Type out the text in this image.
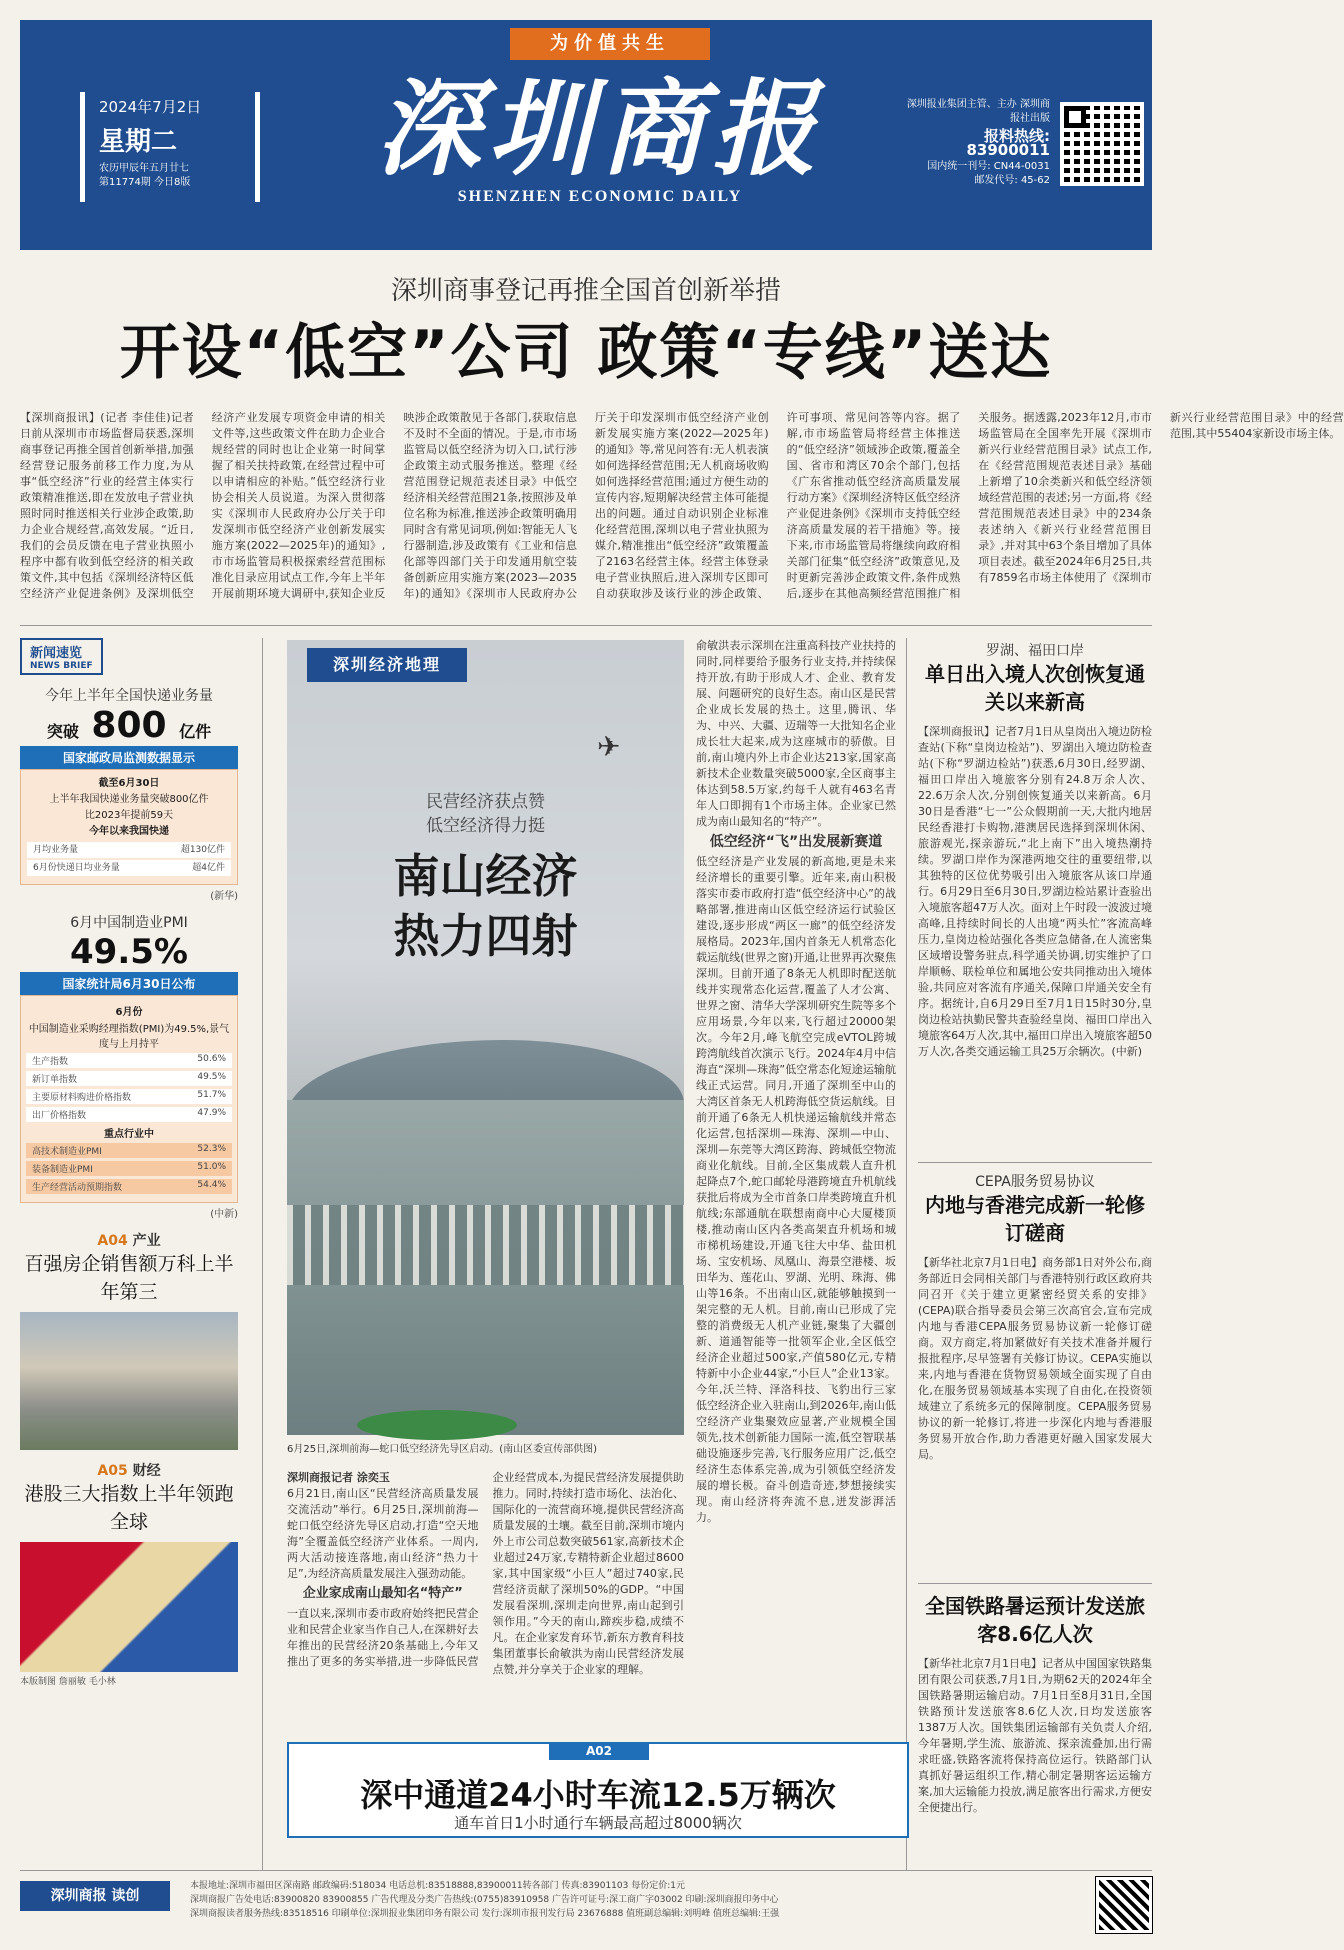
为价值共生
2024年7月2日
星期二
农历甲辰年五月廿七
第11774期 今日8版	深圳商报
SHENZHEN ECONOMIC DAILY
深圳报业集团主管、主办 深圳商报社出版
报料热线: 83900011
国内统一刊号: CN44-0031
邮发代号: 45-62
深圳商事登记再推全国首创新举措
开设“低空”公司 政策“专线”送达
【深圳商报讯】(记者 李佳佳)记者日前从深圳市市场监督局获悉,深圳商事登记再推全国首创新举措,加强经营登记服务前移工作力度,为从事“低空经济”行业的经营主体实行政策精准推送,即在发放电子营业执照时同时推送相关行业涉企政策,助力企业合规经营,高效发展。“近日,我们的会员反馈在电子营业执照小程序中都有收到低空经济的相关政策文件,其中包括《深圳经济特区低空经济产业促进条例》及深圳低空经济产业发展专项资金申请的相关文件等,这些政策文件在助力企业合规经营的同时也让企业第一时间掌握了相关扶持政策,在经营过程中可以申请相应的补贴。”低空经济行业协会相关人员说道。为深入贯彻落实《深圳市人民政府办公厅关于印发深圳市低空经济产业创新发展实施方案(2022—2025年)的通知》,市市场监管局积极探索经营范围标准化目录应用试点工作,今年上半年开展前期环境大调研中,获知企业反映涉企政策散见于各部门,获取信息不及时不全面的情况。于是,市市场监管局以低空经济为切入口,试行涉企政策主动式服务推送。整理《经营范围登记规范表述目录》中低空经济相关经营范围21条,按照涉及单位名称为标准,推送涉企政策明确用同时含有常见词项,例如:智能无人飞行器制造,涉及政策有《工业和信息化部等四部门关于印发通用航空装备创新应用实施方案(2023—2035年)的通知》《深圳市人民政府办公厅关于印发深圳市低空经济产业创新发展实施方案(2022—2025年)的通知》等,常见问答有:无人机表演如何选择经营范围;无人机商场收购如何选择经营范围;通过方便生动的宣传内容,短期解决经营主体可能提出的问题。通过自动识别企业标准化经营范围,深圳以电子营业执照为媒介,精准推出“低空经济”政策覆盖了2163名经营主体。经营主体登录电子营业执照后,进入深圳专区即可自动获取涉及该行业的涉企政策、许可事项、常见问答等内容。据了解,市市场监管局将经营主体推送的“低空经济”领域涉企政策,覆盖全国、省市和湾区70余个部门,包括《广东省推动低空经济高质量发展行动方案》《深圳经济特区低空经济产业促进条例》《深圳市支持低空经济高质量发展的若干措施》等。接下来,市市场监管局将继续向政府相关部门征集“低空经济”政策意见,及时更新完善涉企政策文件,条件成熟后,逐步在其他高频经营范围推广相关服务。据透露,2023年12月,市市场监管局在全国率先开展《深圳市新兴行业经营范围目录》试点工作,在《经营范围规范表述目录》基础上新增了10余类新兴和低空经济领域经营范围的表述;另一方面,将《经营范围规范表述目录》中的234条表述纳入《新兴行业经营范围目录》,并对其中63个条目增加了具体项目表述。截至2024年6月25日,共有7859名市场主体使用了《深圳市新兴行业经营范围目录》中的经营范围,其中55404家新设市场主体。
新闻速览
NEWS BRIEF
今年上半年全国快递业务量
突破 800 亿件
国家邮政局监测数据显示
截至6月30日
上半年我国快递业务量突破800亿件
比2023年提前59天
今年以来我国快递
月均业务量	超130亿件
6月份快递日均业务量	超4亿件
(新华)
6月中国制造业PMI
49.5%
国家统计局6月30日公布
6月份
中国制造业采购经理指数(PMI)为49.5%,景气度与上月持平
生产指数	50.6%
新订单指数	49.5%
主要原材料购进价格指数	51.7%
出厂价格指数	47.9%
重点行业中
高技术制造业PMI	52.3%
装备制造业PMI	51.0%
生产经营活动预期指数	54.4%
(中新)
A04 产业
百强房企销售额万科上半年第三
A05 财经
港股三大指数上半年领跑全球
本版制图 詹丽敏 毛小林
✈
深圳经济地理
民营经济获点赞
低空经济得力挺
南山经济
热力四射
6月25日,深圳前海—蛇口低空经济先导区启动。(南山区委宣传部供图)
深圳商报记者 涂奕玉
6月21日,南山区“民营经济高质量发展交流活动”举行。6月25日,深圳前海—蛇口低空经济先导区启动,打造“空天地海”全覆盖低空经济产业体系。一周内,两大活动接连落地,南山经济“热力十足”,为经济高质量发展注入强劲动能。
企业家成南山最知名“特产”
一直以来,深圳市委市政府始终把民营企业和民营企业家当作自己人,在深耕好去年推出的民营经济20条基础上,今年又推出了更多的务实举措,进一步降低民营企业经营成本,为提民营经济发展提供助推力。同时,持续打造市场化、法治化、国际化的一流营商环境,提供民营经济高质量发展的土壤。截至目前,深圳市境内外上市公司总数突破561家,高新技术企业超过24万家,专精特新企业超过8600家,其中国家级“小巨人”超过740家,民营经济贡献了深圳50%的GDP。“中国发展看深圳,深圳走向世界,南山起到引领作用。”今天的南山,蹄疾步稳,成绩不凡。在企业家发育环节,新东方教育科技集团董事长俞敏洪为南山民营经济发展点赞,并分享关于企业家的理解。
俞敏洪表示深圳在注重高科技产业扶持的同时,同样要给予服务行业支持,并持续保持开放,有助于形成人才、企业、教育发展、问题研究的良好生态。南山区是民营企业成长发展的热土。这里,腾讯、华为、中兴、大疆、迈瑞等一大批知名企业成长壮大起来,成为这座城市的骄傲。目前,南山境内外上市企业达213家,国家高新技术企业数量突破5000家,全区商事主体达到58.5万家,约每千人就有463名青年人口即拥有1个市场主体。企业家已然成为南山最知名的“特产”。
低空经济“飞”出发展新赛道
低空经济是产业发展的新高地,更是未来经济增长的重要引擎。近年来,南山积极落实市委市政府打造“低空经济中心”的战略部署,推进南山区低空经济运行试验区建设,逐步形成“两区一廊”的低空经济发展格局。2023年,国内首条无人机常态化载运航线(世界之窗)开通,让世界再次聚焦深圳。目前开通了8条无人机即时配送航线并实现常态化运营,覆盖了人才公寓、世界之窗、清华大学深圳研究生院等多个应用场景,今年以来,飞行超过20000架次。今年2月,峰飞航空完成eVTOL跨城跨湾航线首次演示飞行。2024年4月中信海直“深圳—珠海”低空常态化短途运输航线正式运营。同月,开通了深圳至中山的大湾区首条无人机跨海低空货运航线。目前开通了6条无人机快递运输航线并常态化运营,包括深圳—珠海、深圳—中山、深圳—东莞等大湾区跨海、跨城低空物流商业化航线。目前,全区集成载人直升机起降点7个,蛇口邮轮母港跨境直升机航线获批后将成为全市首条口岸类跨境直升机航线;东部通航在联想南商中心大厦楼顶楼,推动南山区内各类高架直升机场和城市梯机场建设,开通飞往大中华、盐田机场、宝安机场、凤凰山、海景空港楼、坂田华为、莲花山、罗湖、光明、珠海、佛山等16条。不出南山区,就能够触摸到一架完整的无人机。目前,南山已形成了完整的消费级无人机产业链,聚集了大疆创新、道通智能等一批领军企业,全区低空经济企业超过500家,产值580亿元,专精特新中小企业44家,“小巨人”企业13家。今年,沃兰特、泽洛科技、飞豹出行三家低空经济企业入驻南山,到2026年,南山低空经济产业集聚效应显著,产业规模全国领先,技术创新能力国际一流,低空智联基础设施逐步完善,飞行服务应用广泛,低空经济生态体系完善,成为引领低空经济发展的增长极。奋斗创造奇迹,梦想接续实现。南山经济将奔流不息,迸发澎湃活力。
罗湖、福田口岸
单日出入境人次创恢复通关以来新高
【深圳商报讯】记者7月1日从皇岗出入境边防检查站(下称“皇岗边检站”)、罗湖出入境边防检查站(下称“罗湖边检站”)获悉,6月30日,经罗湖、福田口岸出入境旅客分别有24.8万余人次、22.6万余人次,分别创恢复通关以来新高。6月30日是香港“七一”公众假期前一天,大批内地居民经香港打卡购物,港澳居民选择到深圳休闲、旅游观光,探亲游玩,“北上南下”出入境热潮持续。罗湖口岸作为深港两地交往的重要纽带,以其独特的区位优势吸引出入境旅客从该口岸通行。6月29日至6月30日,罗湖边检站累计查验出入境旅客超47万人次。面对上午时段一波波过境高峰,且持续时间长的人出境“两头忙”客流高峰压力,皇岗边检站强化各类应急储备,在人流密集区域增设警务驻点,科学通关协调,切实维护了口岸顺畅、联检单位和属地公安共同推动出入境体验,共同应对客流有序通关,保障口岸通关安全有序。据统计,自6月29日至7月1日15时30分,皇岗边检站执勤民警共查验经皇岗、福田口岸出入境旅客64万人次,其中,福田口岸出入境旅客超50万人次,各类交通运输工具25万余辆次。(中新)
CEPA服务贸易协议
内地与香港完成新一轮修订磋商
【新华社北京7月1日电】商务部1日对外公布,商务部近日会同相关部门与香港特别行政区政府共同召开《关于建立更紧密经贸关系的安排》(CEPA)联合指导委员会第三次高官会,宣布完成内地与香港CEPA服务贸易协议新一轮修订磋商。双方商定,将加紧做好有关技术准备并履行报批程序,尽早签署有关修订协议。CEPA实施以来,内地与香港在货物贸易领域全面实现了自由化,在服务贸易领域基本实现了自由化,在投资领域建立了系统多元的保障制度。CEPA服务贸易协议的新一轮修订,将进一步深化内地与香港服务贸易开放合作,助力香港更好融入国家发展大局。
全国铁路暑运预计发送旅客8.6亿人次
【新华社北京7月1日电】记者从中国国家铁路集团有限公司获悉,7月1日,为期62天的2024年全国铁路暑期运输启动。7月1日至8月31日,全国铁路预计发送旅客8.6亿人次,日均发送旅客1387万人次。国铁集团运输部有关负责人介绍,今年暑期,学生流、旅游流、探亲流叠加,出行需求旺盛,铁路客流将保持高位运行。铁路部门认真抓好暑运组织工作,精心制定暑期客运运输方案,加大运输能力投放,满足旅客出行需求,方便安全便捷出行。
A02
深中通道24小时车流12.5万辆次
通车首日1小时通行车辆最高超过8000辆次
深圳商报 读创
本报地址:深圳市福田区深南路 邮政编码:518034 电话总机:83518888,83900011转各部门 传真:83901103 每份定价:1元
深圳商报广告处电话:83900820 83900855 广告代理及分类广告热线:(0755)83910958 广告许可证号:深工商广字03002 印刷:深圳商报印务中心
深圳商报读者服务热线:83518516 印刷单位:深圳报业集团印务有限公司 发行:深圳市报刊发行局 23676888 值班副总编辑:刘明峰 值班总编辑:王强
